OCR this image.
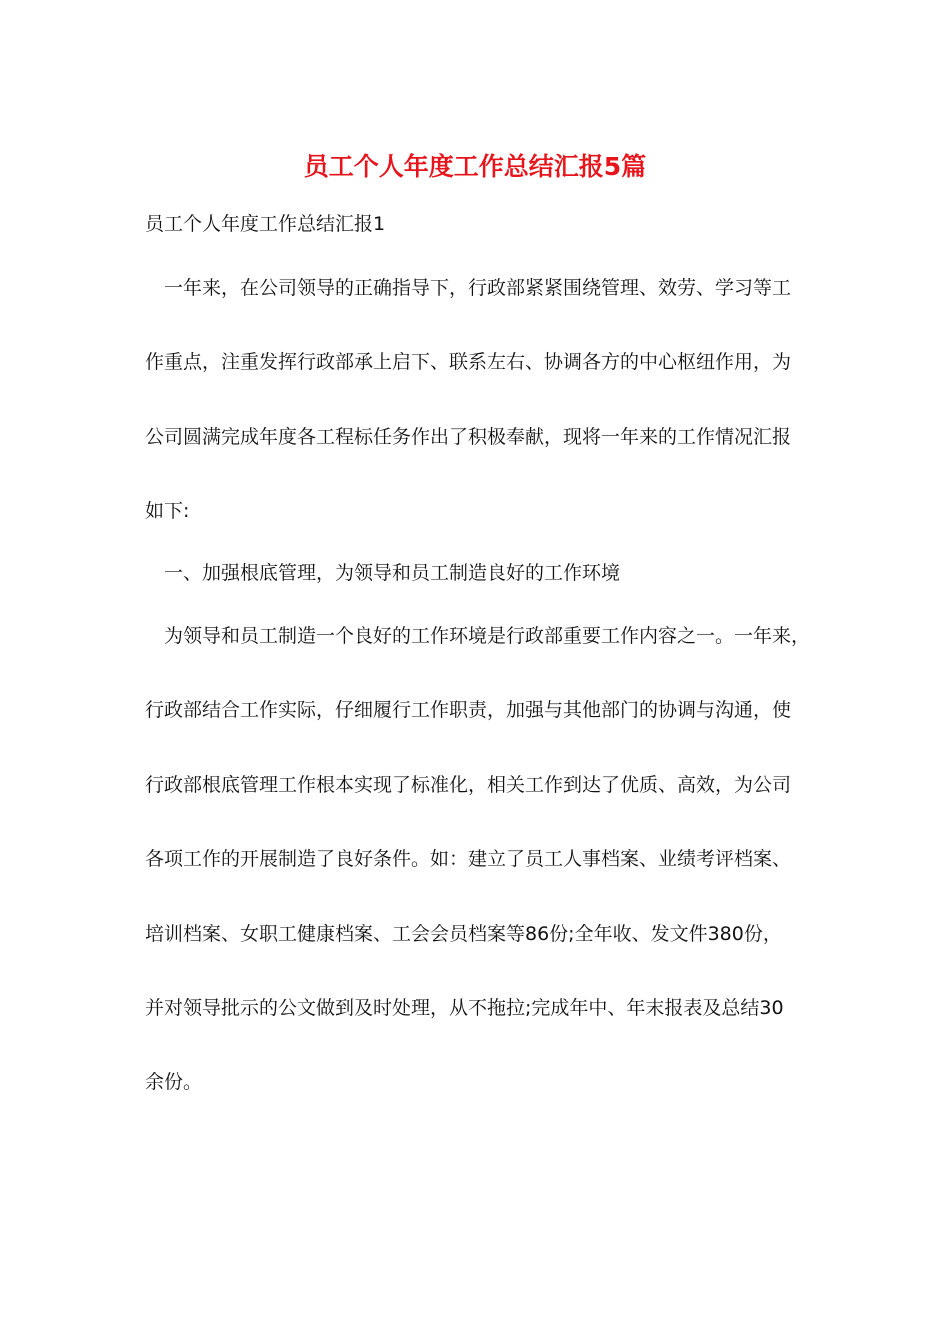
员工个人年度工作总结汇报5篇
员工个人年度工作总结汇报1
一年来，在公司领导的正确指导下，行政部紧紧围绕管理、效劳、学习等工
作重点，注重发挥行政部承上启下、联系左右、协调各方的中心枢纽作用，为
公司圆满完成年度各工程标任务作出了积极奉献，现将一年来的工作情况汇报
如下:
一、加强根底管理，为领导和员工制造良好的工作环境
为领导和员工制造一个良好的工作环境是行政部重要工作内容之一。一年来，
行政部结合工作实际，仔细履行工作职责，加强与其他部门的协调与沟通，使
行政部根底管理工作根本实现了标准化，相关工作到达了优质、高效，为公司
各项工作的开展制造了良好条件。如：建立了员工人事档案、业绩考评档案、
培训档案、女职工健康档案、工会会员档案等86份;全年收、发文件380份，
并对领导批示的公文做到及时处理，从不拖拉;完成年中、年末报表及总结30
余份。
